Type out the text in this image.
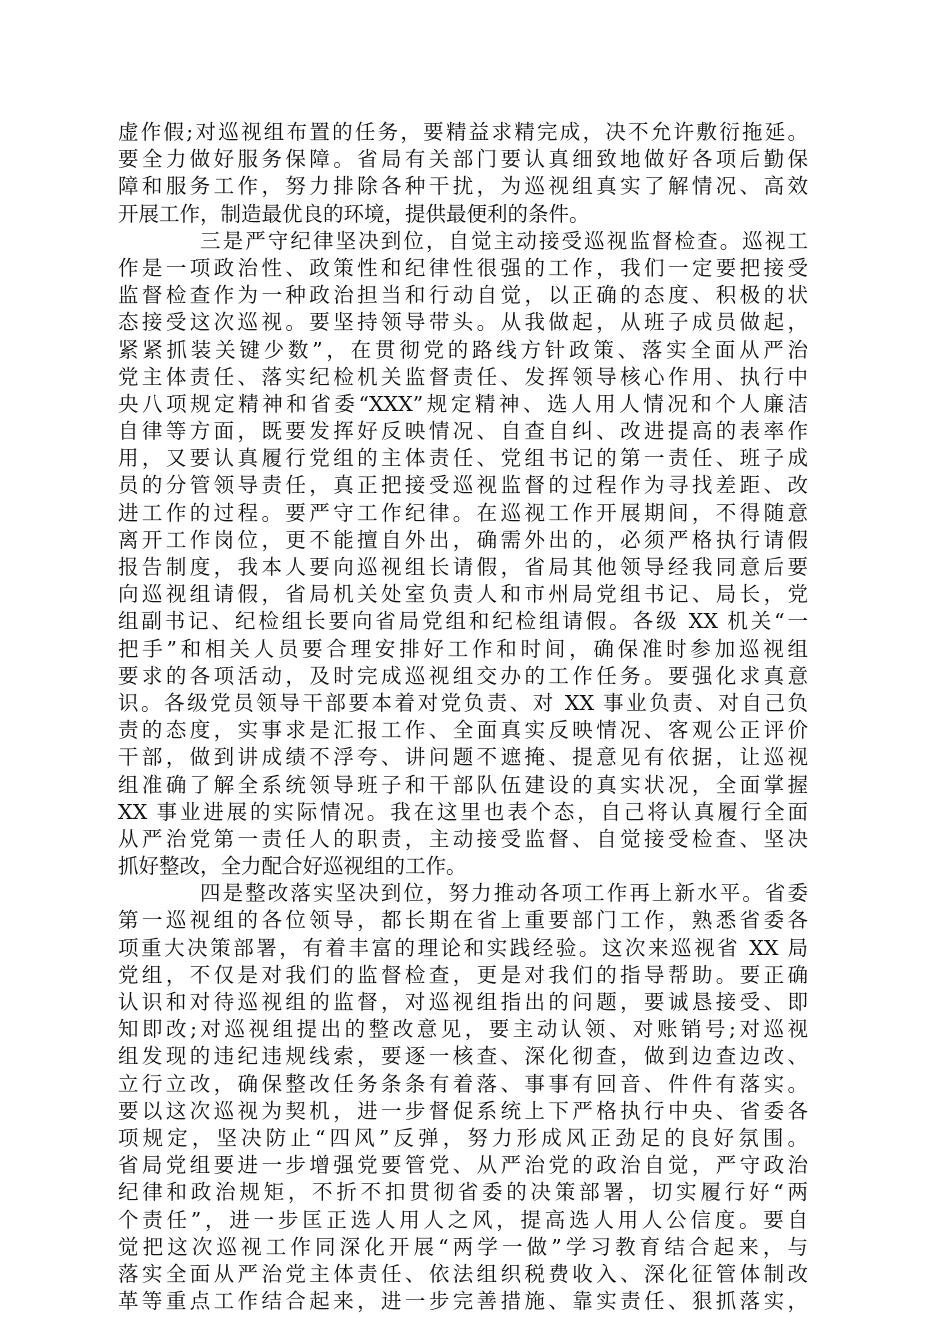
虚作假;对巡视组布置的任务，要精益求精完成，决不允许敷衍拖延。
要全力做好服务保障。省局有关部门要认真细致地做好各项后勤保
障和服务工作，努力排除各种干扰，为巡视组真实了解情况、高效
开展工作，制造最优良的环境，提供最便利的条件。
三是严守纪律坚决到位，自觉主动接受巡视监督检查。巡视工
作是一项政治性、政策性和纪律性很强的工作，我们一定要把接受
监督检查作为一种政治担当和行动自觉，以正确的态度、积极的状
态接受这次巡视。要坚持领导带头。从我做起，从班子成员做起，
紧紧抓装关键少数”，在贯彻党的路线方针政策、落实全面从严治
党主体责任、落实纪检机关监督责任、发挥领导核心作用、执行中
央八项规定精神和省委“XXX”规定精神、选人用人情况和个人廉洁
自律等方面，既要发挥好反映情况、自查自纠、改进提高的表率作
用，又要认真履行党组的主体责任、党组书记的第一责任、班子成
员的分管领导责任，真正把接受巡视监督的过程作为寻找差距、改
进工作的过程。要严守工作纪律。在巡视工作开展期间，不得随意
离开工作岗位，更不能擅自外出，确需外出的，必须严格执行请假
报告制度，我本人要向巡视组长请假，省局其他领导经我同意后要
向巡视组请假，省局机关处室负责人和市州局党组书记、局长，党
组副书记、纪检组长要向省局党组和纪检组请假。各级 XX 机关“一
把手”和相关人员要合理安排好工作和时间，确保准时参加巡视组
要求的各项活动，及时完成巡视组交办的工作任务。要强化求真意
识。各级党员领导干部要本着对党负责、对 XX 事业负责、对自己负
责的态度，实事求是汇报工作、全面真实反映情况、客观公正评价
干部，做到讲成绩不浮夸、讲问题不遮掩、提意见有依据，让巡视
组准确了解全系统领导班子和干部队伍建设的真实状况，全面掌握
XX 事业进展的实际情况。我在这里也表个态，自己将认真履行全面
从严治党第一责任人的职责，主动接受监督、自觉接受检查、坚决
抓好整改，全力配合好巡视组的工作。
四是整改落实坚决到位，努力推动各项工作再上新水平。省委
第一巡视组的各位领导，都长期在省上重要部门工作，熟悉省委各
项重大决策部署，有着丰富的理论和实践经验。这次来巡视省 XX 局
党组，不仅是对我们的监督检查，更是对我们的指导帮助。要正确
认识和对待巡视组的监督，对巡视组指出的问题，要诚恳接受、即
知即改;对巡视组提出的整改意见，要主动认领、对账销号;对巡视
组发现的违纪违规线索，要逐一核查、深化彻查，做到边查边改、
立行立改，确保整改任务条条有着落、事事有回音、件件有落实。
要以这次巡视为契机，进一步督促系统上下严格执行中央、省委各
项规定，坚决防止“四风”反弹，努力形成风正劲足的良好氛围。
省局党组要进一步增强党要管党、从严治党的政治自觉，严守政治
纪律和政治规矩，不折不扣贯彻省委的决策部署，切实履行好“两
个责任”，进一步匡正选人用人之风，提高选人用人公信度。要自
觉把这次巡视工作同深化开展“两学一做”学习教育结合起来，与
落实全面从严治党主体责任、依法组织税费收入、深化征管体制改
革等重点工作结合起来，进一步完善措施、靠实责任、狠抓落实，
